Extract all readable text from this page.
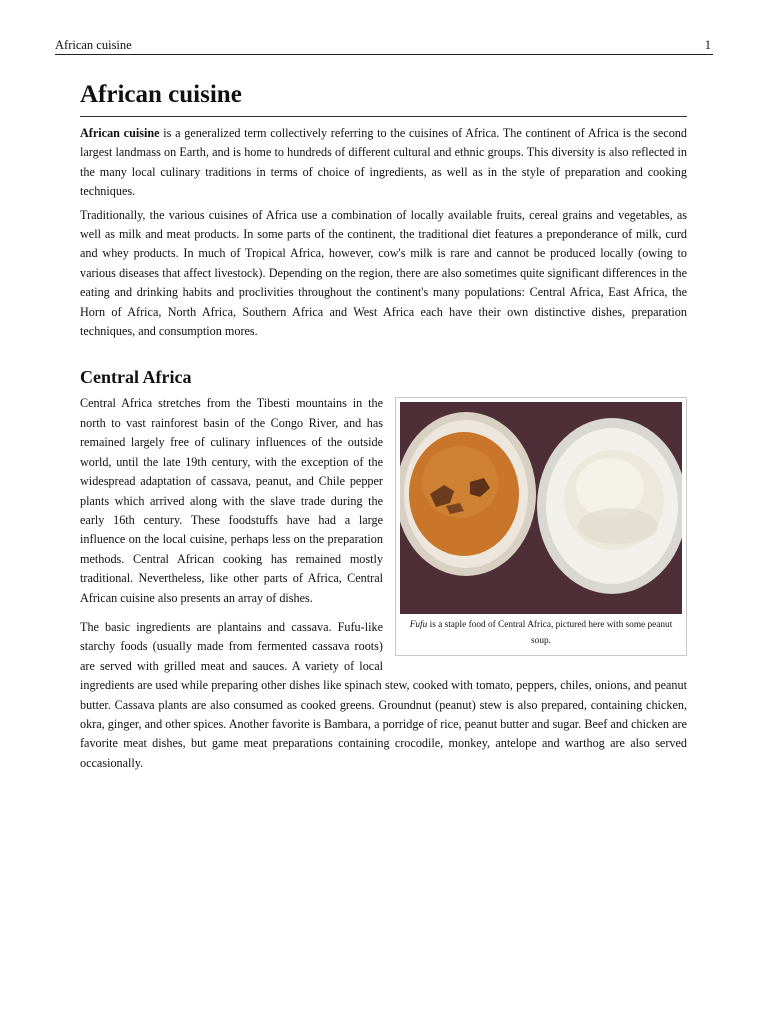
African cuisine	1
African cuisine

African cuisine is a generalized term collectively referring to the cuisines of Africa. The continent of Africa is the second largest landmass on Earth, and is home to hundreds of different cultural and ethnic groups. This diversity is also reflected in the many local culinary traditions in terms of choice of ingredients, as well as in the style of preparation and cooking techniques.

Traditionally, the various cuisines of Africa use a combination of locally available fruits, cereal grains and vegetables, as well as milk and meat products. In some parts of the continent, the traditional diet features a preponderance of milk, curd and whey products. In much of Tropical Africa, however, cow's milk is rare and cannot be produced locally (owing to various diseases that affect livestock). Depending on the region, there are also sometimes quite significant differences in the eating and drinking habits and proclivities throughout the continent's many populations: Central Africa, East Africa, the Horn of Africa, North Africa, Southern Africa and West Africa each have their own distinctive dishes, preparation techniques, and consumption mores.

Central Africa
Fufu is a staple food of Central Africa, pictured here with some peanut soup.

Central Africa stretches from the Tibesti mountains in the north to vast rainforest basin of the Congo River, and has remained largely free of culinary influences of the outside world, until the late 19th century, with the exception of the widespread adaptation of cassava, peanut, and Chile pepper plants which arrived along with the slave trade during the early 16th century. These foodstuffs have had a large influence on the local cuisine, perhaps less on the preparation methods. Central African cooking has remained mostly traditional. Nevertheless, like other parts of Africa, Central African cuisine also presents an array of dishes.

The basic ingredients are plantains and cassava. Fufu-like starchy foods (usually made from fermented cassava roots) are served with grilled meat and sauces. A variety of local ingredients are used while preparing other dishes like spinach stew, cooked with tomato, peppers, chiles, onions, and peanut butter. Cassava plants are also consumed as cooked greens. Groundnut (peanut) stew is also prepared, containing chicken, okra, ginger, and other spices. Another favorite is Bambara, a porridge of rice, peanut butter and sugar. Beef and chicken are favorite meat dishes, but game meat preparations containing crocodile, monkey, antelope and warthog are also served occasionally.
